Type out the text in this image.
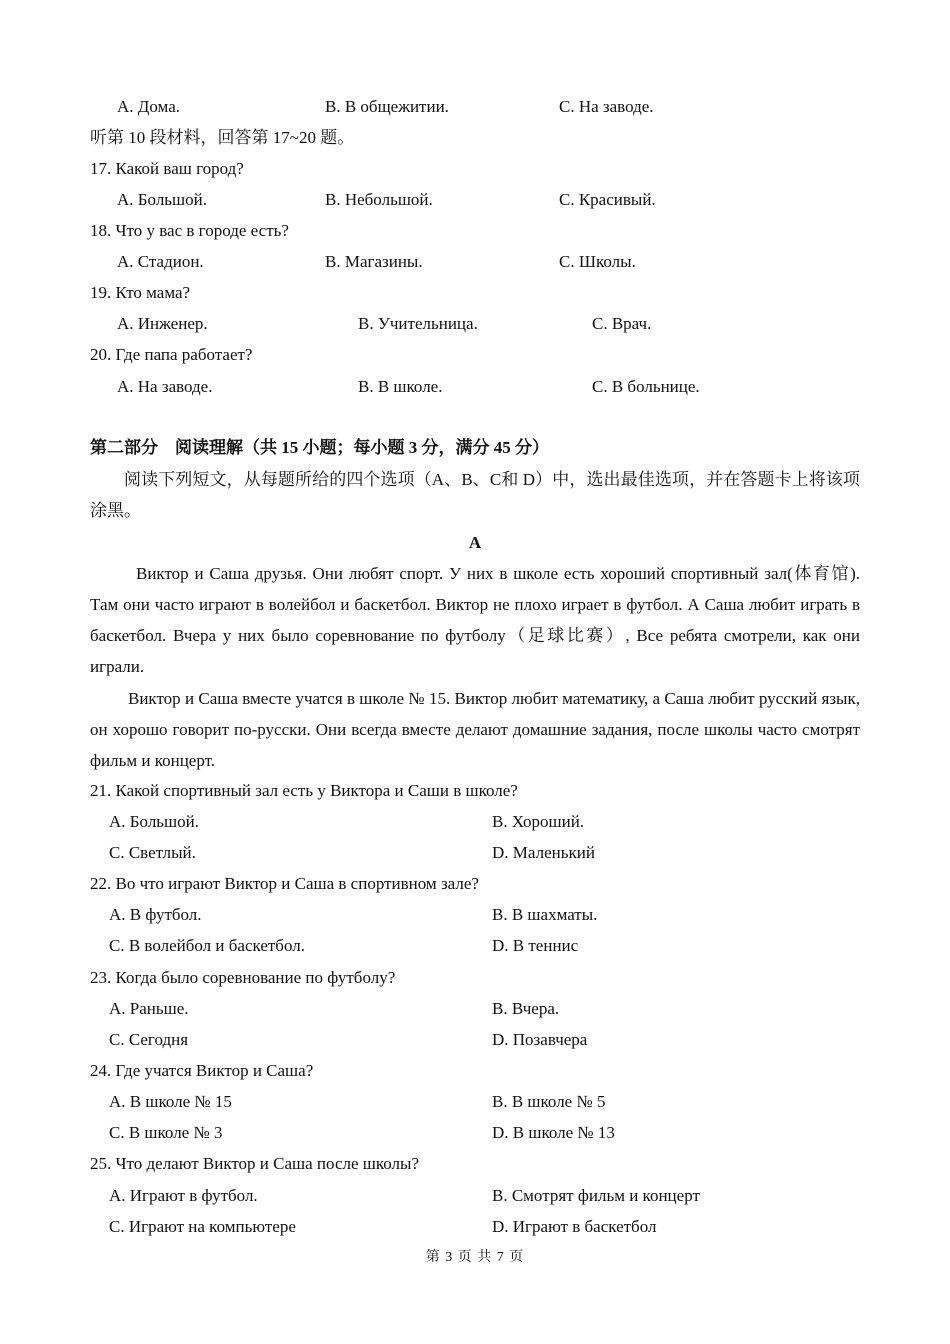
A. Дома.	B. В общежитии.	C. На заводе.
听第 10 段材料，回答第 17~20 题。
17. Какой ваш город?
A. Большой.	B. Небольшой.	C. Красивый.
18. Что у вас в городе есть?
A. Стадион.	B. Магазины.	C. Школы.
19. Кто мама?
A. Инженер.	B. Учительница.	C. Врач.
20. Где папа работает?
A. На заводе.	B. В школе.	C. В больнице.
第二部分　阅读理解（共 15 小题；每小题 3 分，满分 45 分）
阅读下列短文，从每题所给的四个选项（A、B、C和 D）中，选出最佳选项，并在答题卡上将该项涂黑。
A
Виктор и Саша друзья. Они любят спорт. У них в школе есть хороший спортивный зал(体育馆). Там они часто играют в волейбол и баскетбол. Виктор не плохо играет в футбол. А Саша любит играть в баскетбол. Вчера у них было соревнование по футболу（足球比赛）, Все ребята смотрели, как они играли.
Виктор и Саша вместе учатся в школе № 15. Виктор любит математику, а Саша любит русский язык, он хорошо говорит по-русски. Они всегда вместе делают домашние задания, после школы часто смотрят фильм и концерт.
21. Какой спортивный зал есть у Виктора и Саши в школе?
A. Большой.	B. Хороший.
C. Светлый.	D. Маленький
22. Во что играют Виктор и Саша в спортивном зале?
A. В футбол.	B. В шахматы.
C. В волейбол и баскетбол.	D. В теннис
23. Когда было соревнование по футболу?
A. Раньше.	B. Вчера.
C. Сегодня	D. Позавчера
24. Где учатся Виктор и Саша?
A. В школе № 15	B. В школе № 5
C. В школе № 3	D. В школе № 13
25. Что делают Виктор и Саша после школы?
A. Играют в футбол.	B. Смотрят фильм и концерт
C. Играют на компьютере	D. Играют в баскетбол
第 3 页 共 7 页
